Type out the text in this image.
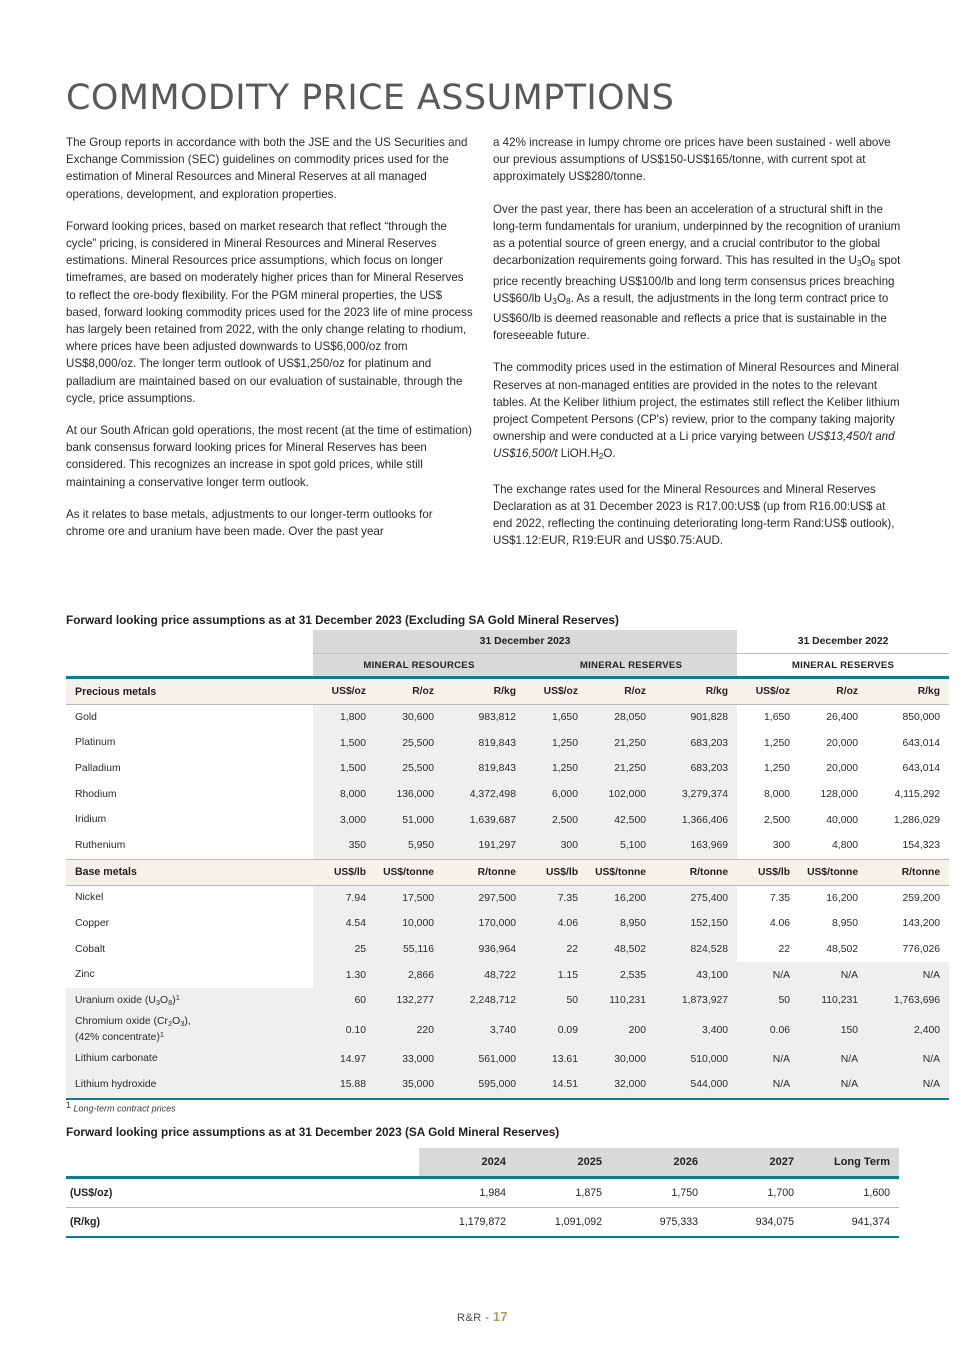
COMMODITY PRICE ASSUMPTIONS

The Group reports in accordance with both the JSE and the US Securities and Exchange Commission (SEC) guidelines on commodity prices used for the estimation of Mineral Resources and Mineral Reserves at all managed operations, development, and exploration properties.

Forward looking prices, based on market research that reflect “through the cycle” pricing, is considered in Mineral Resources and Mineral Reserves estimations. Mineral Resources price assumptions, which focus on longer timeframes, are based on moderately higher prices than for Mineral Reserves to reflect the ore-body flexibility. For the PGM mineral properties, the US$ based, forward looking commodity prices used for the 2023 life of mine process has largely been retained from 2022, with the only change relating to rhodium, where prices have been adjusted downwards to US$6,000/oz from US$8,000/oz. The longer term outlook of US$1,250/oz for platinum and palladium are maintained based on our evaluation of sustainable, through the cycle, price assumptions.

At our South African gold operations, the most recent (at the time of estimation) bank consensus forward looking prices for Mineral Reserves has been considered. This recognizes an increase in spot gold prices, while still maintaining a conservative longer term outlook.

As it relates to base metals, adjustments to our longer-term outlooks for chrome ore and uranium have been made. Over the past year

a 42% increase in lumpy chrome ore prices have been sustained - well above our previous assumptions of US$150-US$165/tonne, with current spot at approximately US$280/tonne.

Over the past year, there has been an acceleration of a structural shift in the long-term fundamentals for uranium, underpinned by the recognition of uranium as a potential source of green energy, and a crucial contributor to the global decarbonization requirements going forward. This has resulted in the $U_3O_8$ spot price recently breaching US$100/lb and long term consensus prices breaching US$60/lb $U_3O_8$. As a result, the adjustments in the long term contract price to US$60/lb is deemed reasonable and reflects a price that is sustainable in the foreseeable future.

The commodity prices used in the estimation of Mineral Resources and Mineral Reserves at non-managed entities are provided in the notes to the relevant tables. At the Keliber lithium project, the estimates still reflect the Keliber lithium project Competent Persons (CP's) review, prior to the company taking majority ownership and were conducted at a Li price varying between US$13,450/t and US$16,500/t $LiOH.H_2O$.

The exchange rates used for the Mineral Resources and Mineral Reserves Declaration as at 31 December 2023 is R17.00:US$ (up from R16.00:US$ at end 2022, reflecting the continuing deteriorating long-term Rand:US$ outlook), US$1.12:EUR, R19:EUR and US$0.75:AUD.

Forward looking price assumptions as at 31 December 2023 (Excluding SA Gold Mineral Reserves)
	31 December 2023						31 December 2022		

	MINERAL RESOURCES			MINERAL RESERVES			MINERAL RESERVES		

Precious metals	US$/oz	R/oz	R/kg	US$/oz	R/oz	R/kg	US$/oz	R/oz	R/kg

Gold	1,800	30,600	983,812	1,650	28,050	901,828	1,650	26,400	850,000
Platinum	1,500	25,500	819,843	1,250	21,250	683,203	1,250	20,000	643,014
Palladium	1,500	25,500	819,843	1,250	21,250	683,203	1,250	20,000	643,014
Rhodium	8,000	136,000	4,372,498	6,000	102,000	3,279,374	8,000	128,000	4,115,292
Iridium	3,000	51,000	1,639,687	2,500	42,500	1,366,406	2,500	40,000	1,286,029
Ruthenium	350	5,950	191,297	300	5,100	163,969	300	4,800	154,323

Base metals	US$/lb	US$/tonne	R/tonne	US$/lb	US$/tonne	R/tonne	US$/lb	US$/tonne	R/tonne

Nickel	7.94	17,500	297,500	7.35	16,200	275,400	7.35	16,200	259,200
Copper	4.54	10,000	170,000	4.06	8,950	152,150	4.06	8,950	143,200
Cobalt	25	55,116	936,964	22	48,502	824,528	22	48,502	776,026
Zinc	1.30	2,866	48,722	1.15	2,535	43,100	N/A	N/A	N/A
Uranium oxide $(U_3O_8)^1$	60	132,277	2,248,712	50	110,231	1,873,927	50	110,231	1,763,696
Chromium oxide $(Cr_2O_3)$,
(42% concentrate)$^1$	0.10	220	3,740	0.09	200	3,400	0.06	150	2,400
Lithium carbonate	14.97	33,000	561,000	13.61	30,000	510,000	N/A	N/A	N/A
Lithium hydroxide	15.88	35,000	595,000	14.51	32,000	544,000	N/A	N/A	N/A

$^1$ Long-term contract prices
Forward looking price assumptions as at 31 December 2023 (SA Gold Mineral Reserves)
	2024	2025	2026	2027	Long Term

(US$/oz)	1,984	1,875	1,750	1,700	1,600

(R/kg)	1,179,872	1,091,092	975,333	934,075	941,374

R&R - 17
